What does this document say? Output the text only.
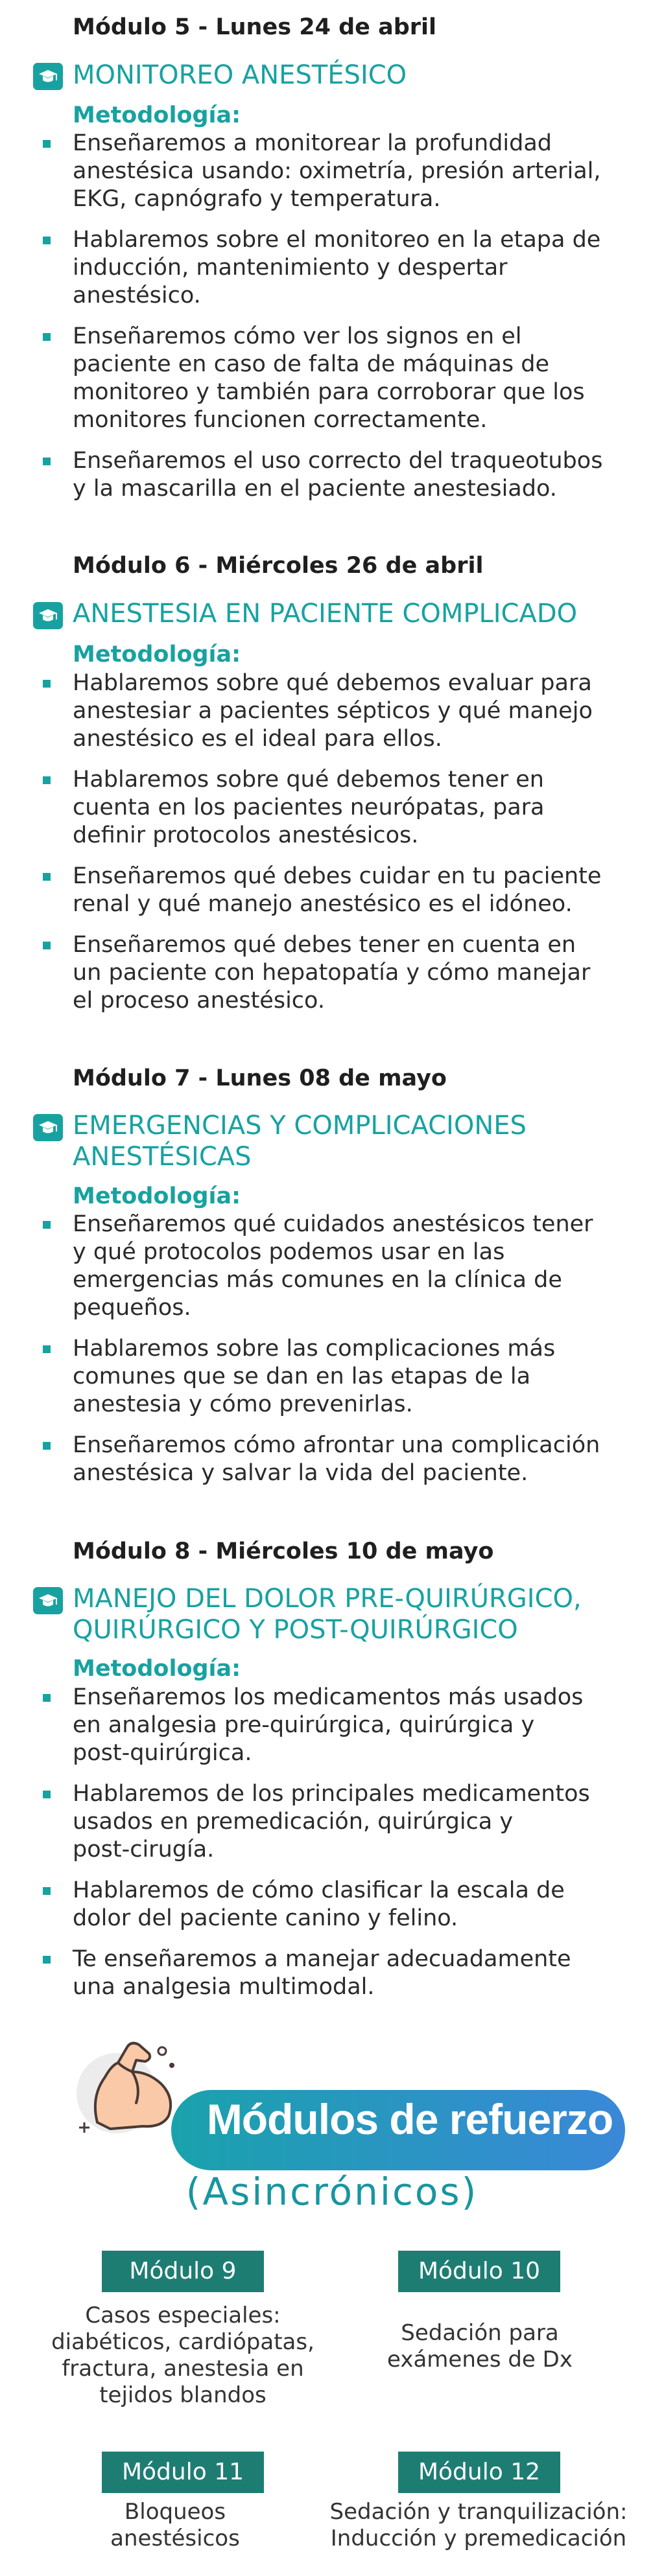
Módulo 5 - Lunes 24 de abril
MONITOREO ANESTÉSICO
Metodología:
Enseñaremos a monitorear la profundidad
anestésica usando: oximetría, presión arterial,
EKG, capnógrafo y temperatura.
Hablaremos sobre el monitoreo en la etapa de
inducción, mantenimiento y despertar
anestésico.
Enseñaremos cómo ver los signos en el
paciente en caso de falta de máquinas de
monitoreo y también para corroborar que los
monitores funcionen correctamente.
Enseñaremos el uso correcto del traqueotubos
y la mascarilla en el paciente anestesiado.
Módulo 6 - Miércoles 26 de abril
ANESTESIA EN PACIENTE COMPLICADO
Metodología:
Hablaremos sobre qué debemos evaluar para
anestesiar a pacientes sépticos y qué manejo
anestésico es el ideal para ellos.
Hablaremos sobre qué debemos tener en
cuenta en los pacientes neurópatas, para
definir protocolos anestésicos.
Enseñaremos qué debes cuidar en tu paciente
renal y qué manejo anestésico es el idóneo.
Enseñaremos qué debes tener en cuenta en
un paciente con hepatopatía y cómo manejar
el proceso anestésico.
Módulo 7 - Lunes 08 de mayo
EMERGENCIAS Y COMPLICACIONES
ANESTÉSICAS
Metodología:
Enseñaremos qué cuidados anestésicos tener
y qué protocolos podemos usar en las
emergencias más comunes en la clínica de
pequeños.
Hablaremos sobre las complicaciones más
comunes que se dan en las etapas de la
anestesia y cómo prevenirlas.
Enseñaremos cómo afrontar una complicación
anestésica y salvar la vida del paciente.
Módulo 8 - Miércoles 10 de mayo
MANEJO DEL DOLOR PRE-QUIRÚRGICO,
QUIRÚRGICO Y POST-QUIRÚRGICO
Metodología:
Enseñaremos los medicamentos más usados
en analgesia pre-quirúrgica, quirúrgica y
post-quirúrgica.
Hablaremos de los principales medicamentos
usados en premedicación, quirúrgica y
post-cirugía.
Hablaremos de cómo clasificar la escala de
dolor del paciente canino y felino.
Te enseñaremos a manejar adecuadamente
una analgesia multimodal.
Módulos de refuerzo
(Asincrónicos)
Módulo 9
Casos especiales:
diabéticos, cardiópatas,
fractura, anestesia en
tejidos blandos
Módulo 10
Sedación para
exámenes de Dx
Módulo 11
Bloqueos
anestésicos
Módulo 12
Sedación y tranquilización:
Inducción y premedicación
